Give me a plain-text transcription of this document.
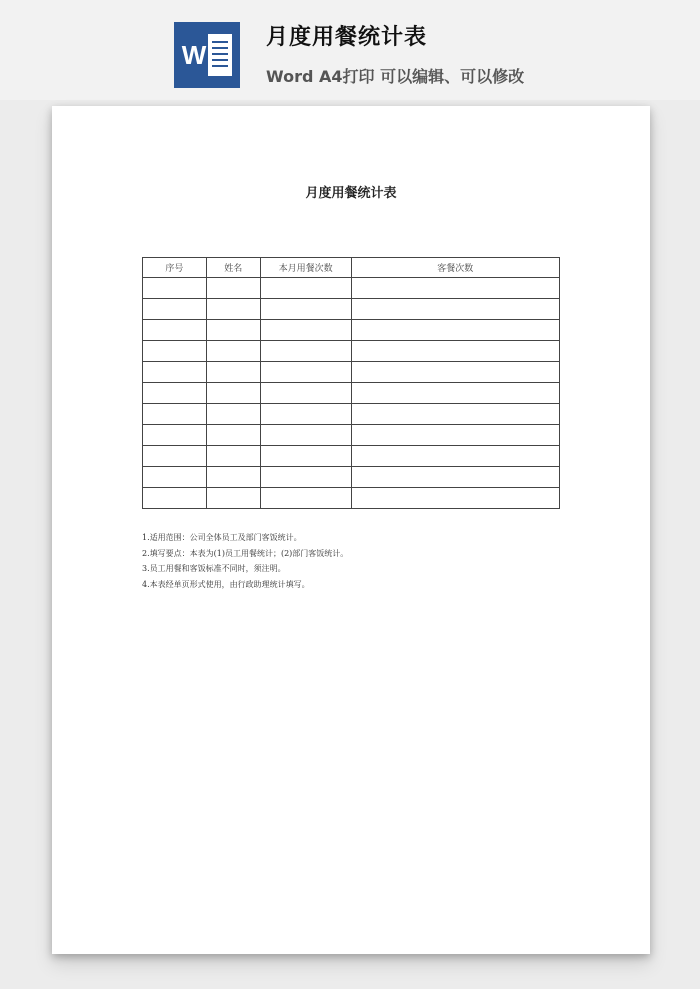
W
月度用餐统计表
Word A4打印 可以编辑、可以修改
月度用餐统计表
序号	姓名	本月用餐次数	客餐次数

1.适用范围：公司全体员工及部门客饭统计。
2.填写要点：本表为(1)员工用餐统计；(2)部门客饭统计。
3.员工用餐和客饭标准不同时，须注明。
4.本表经单页形式使用，由行政助理统计填写。
